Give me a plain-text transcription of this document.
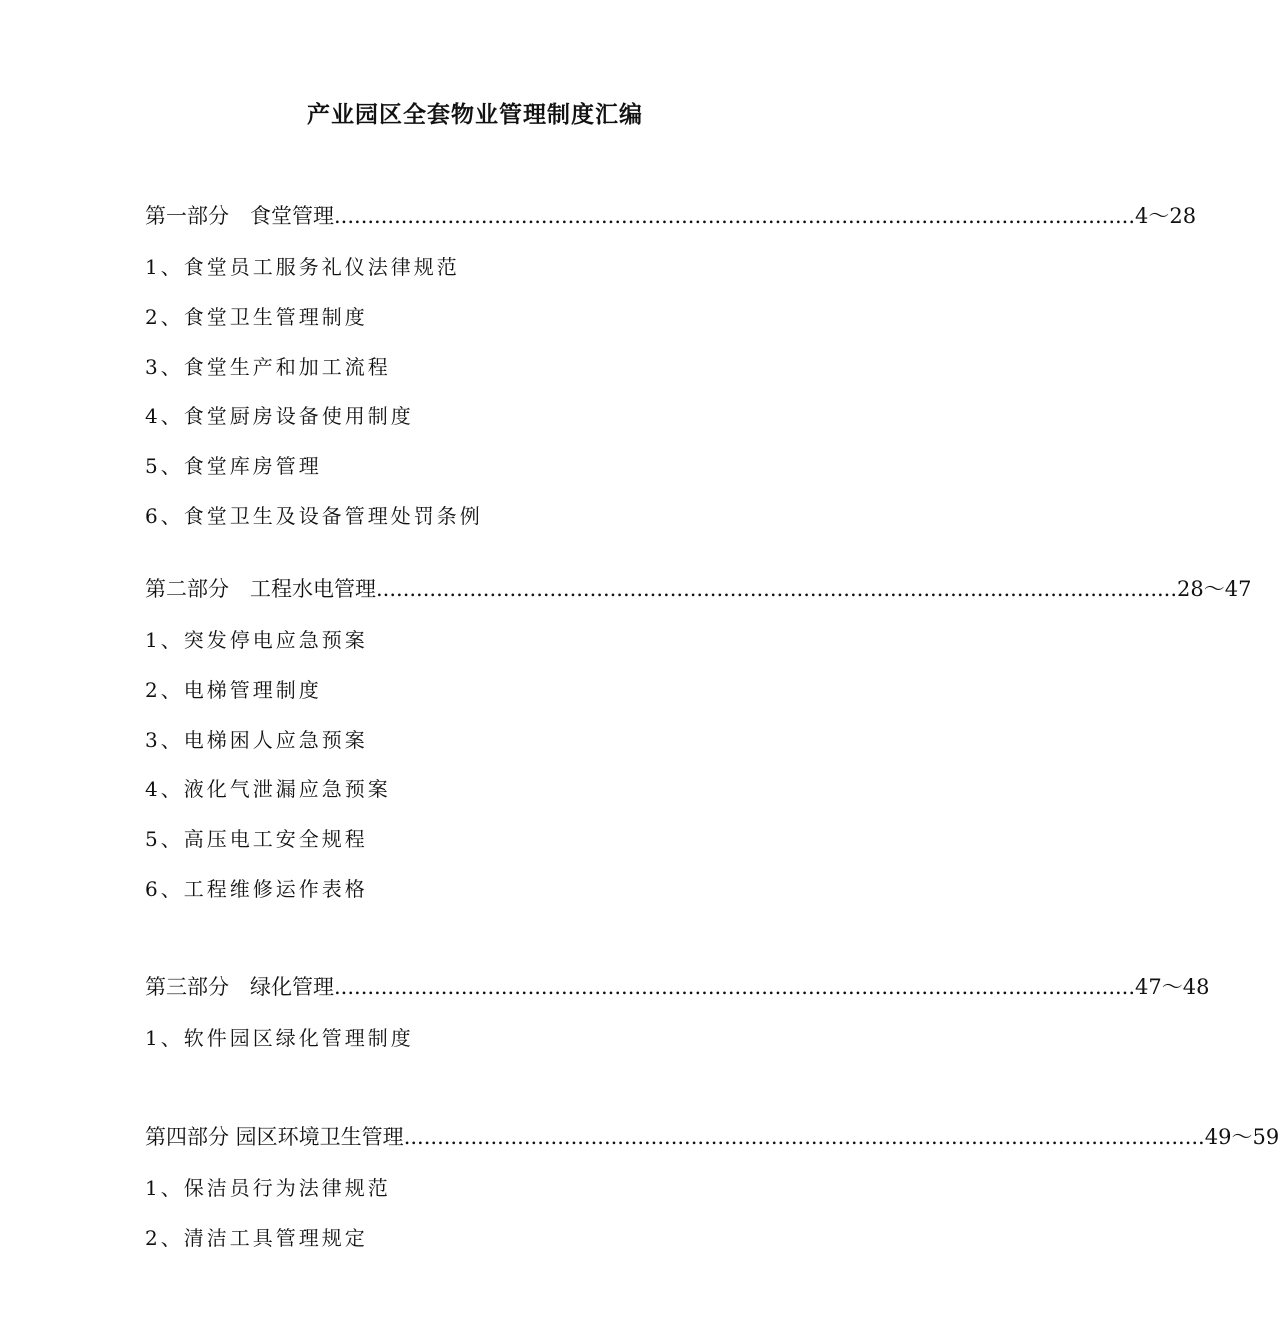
产业园区全套物业管理制度汇编
第一部分　食堂管理 ........................................................................................................................ 4～28
1、食堂员工服务礼仪法律规范
2、食堂卫生管理制度
3、食堂生产和加工流程
4、食堂厨房设备使用制度
5、食堂库房管理
6、食堂卫生及设备管理处罚条例
第二部分　工程水电管理 ........................................................................................................................ 28～47
1、突发停电应急预案
2、电梯管理制度
3、电梯困人应急预案
4、液化气泄漏应急预案
5、高压电工安全规程
6、工程维修运作表格
第三部分　绿化管理 ........................................................................................................................ 47～48
1、软件园区绿化管理制度
第四部分 园区环境卫生管理 ........................................................................................................................ 49～59
1、保洁员行为法律规范
2、清洁工具管理规定
